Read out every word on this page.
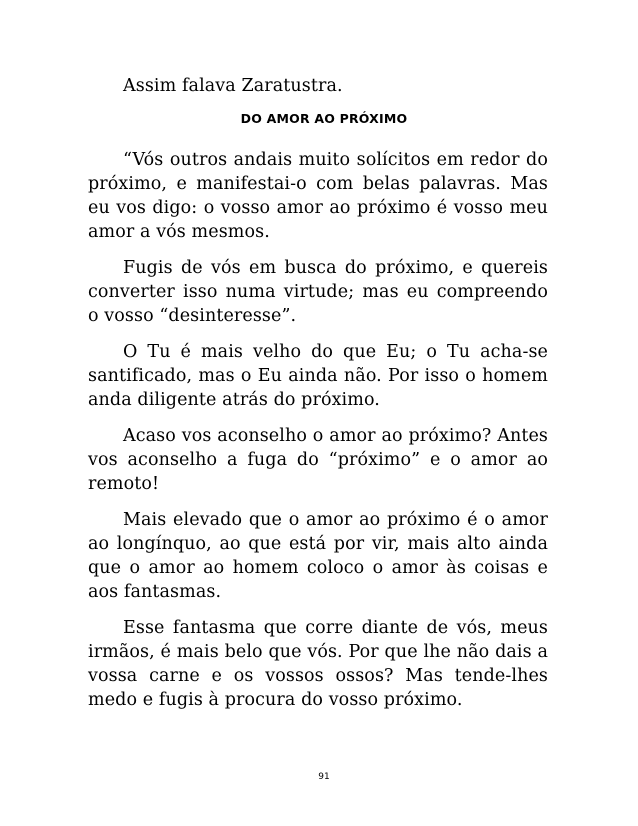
Assim falava Zaratustra.

DO AMOR AO PRÓXIMO

“Vós outros andais muito solícitos em redor do próximo, e manifestai-o com belas palavras. Mas eu vos digo: o vosso amor ao próximo é vosso meu amor a vós mesmos.

Fugis de vós em busca do próximo, e quereis converter isso numa virtude; mas eu compreendo o vosso “desinteresse”.

O Tu é mais velho do que Eu; o Tu acha-se santificado, mas o Eu ainda não. Por isso o homem anda diligente atrás do próximo.

Acaso vos aconselho o amor ao próximo? Antes vos aconselho a fuga do “próximo” e o amor ao remoto!

Mais elevado que o amor ao próximo é o amor ao longínquo, ao que está por vir, mais alto ainda que o amor ao homem coloco o amor às coisas e aos fantasmas.

Esse fantasma que corre diante de vós, meus irmãos, é mais belo que vós. Por que lhe não dais a vossa carne e os vossos ossos? Mas tende-lhes medo e fugis à procura do vosso próximo.

91
